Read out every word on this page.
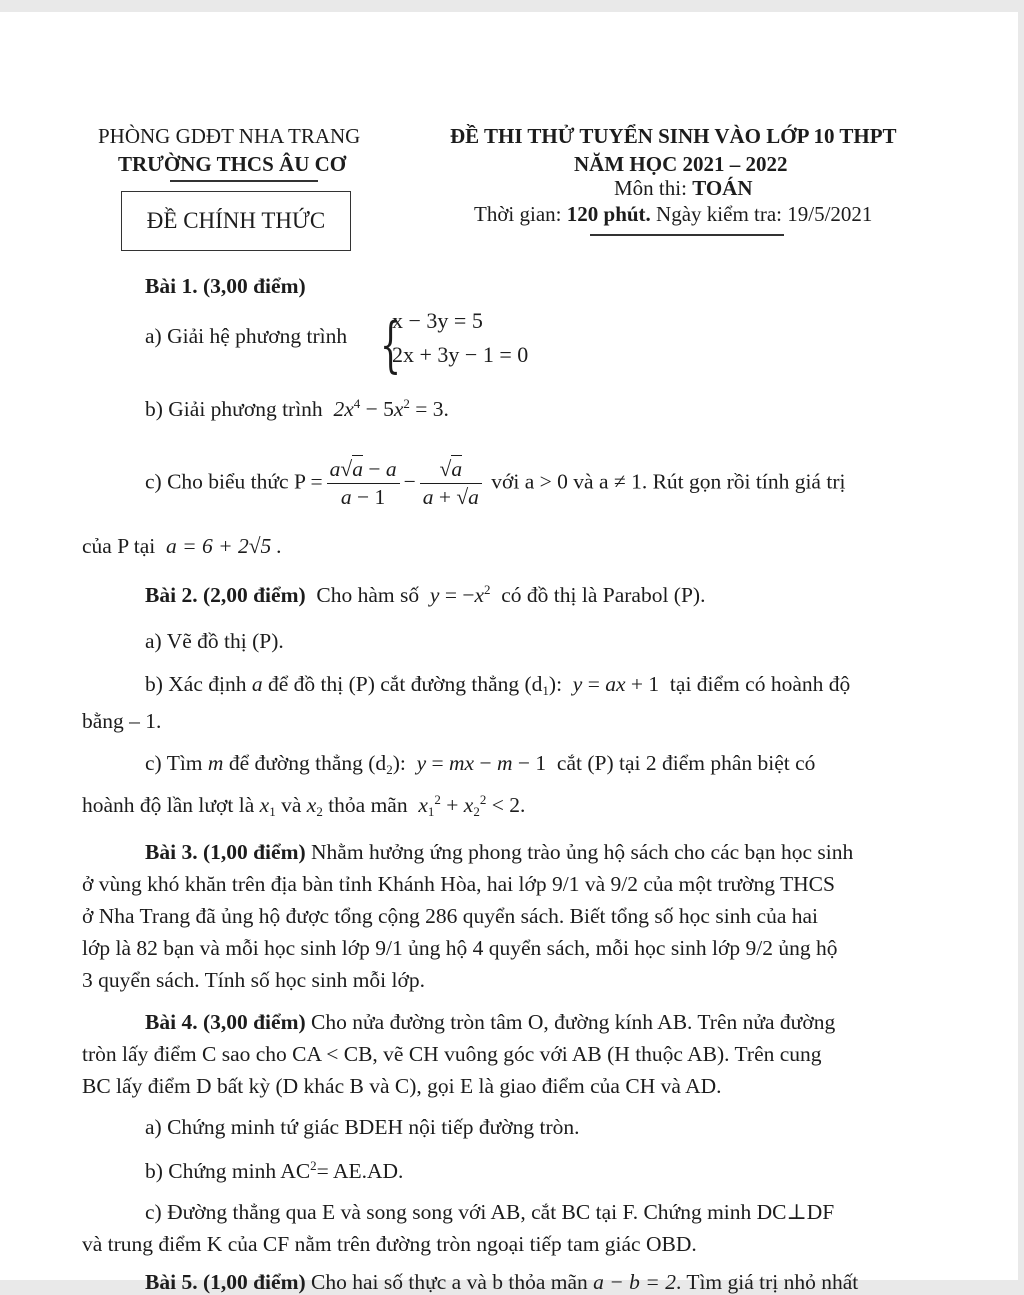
PHÒNG GDĐT NHA TRANG
TRƯỜNG THCS ÂU CƠ
ĐỀ CHÍNH THỨC
ĐỀ THI THỬ TUYỂN SINH VÀO LỚP 10 THPT
NĂM HỌC 2021 – 2022
Môn thi: TOÁN
Thời gian: 120 phút. Ngày kiểm tra: 19/5/2021
Bài 1. (3,00 điểm)
a) Giải hệ phương trình {
x − 3y = 5
2x + 3y − 1 = 0
b) Giải phương trình $2x^4 - 5x^2 = 3$.
c) Cho biểu thức $P = \frac{a√a - a}{a - 1} - \frac{√a}{a + √a}$ với a > 0 và a ≠ 1. Rút gọn rồi tính giá trị
của P tại a = 6 + 2√5 .
Bài 2. (2,00 điểm) Cho hàm số $y = -x^2$ có đồ thị là Parabol (P).
a) Vẽ đồ thị (P).
b) Xác định a để đồ thị (P) cắt đường thẳng $(d_1)$: y = ax + 1  tại điểm có hoành độ
bằng – 1.
c) Tìm m để đường thẳng $(d_2)$: y = mx − m − 1  cắt (P) tại 2 điểm phân biệt có
hoành độ lần lượt là $x_1$ và $x_2$ thỏa mãn $x_1^2 + x_2^2 < 2$.
Bài 3. (1,00 điểm) Nhằm hưởng ứng phong trào ủng hộ sách cho các bạn học sinh
ở vùng khó khăn trên địa bàn tỉnh Khánh Hòa, hai lớp 9/1 và 9/2 của một trường THCS
ở Nha Trang đã ủng hộ được tổng cộng 286 quyển sách. Biết tổng số học sinh của hai
lớp là 82 bạn và mỗi học sinh lớp 9/1 ủng hộ 4 quyển sách, mỗi học sinh lớp 9/2 ủng hộ
3 quyển sách. Tính số học sinh mỗi lớp.
Bài 4. (3,00 điểm) Cho nửa đường tròn tâm O, đường kính AB. Trên nửa đường
tròn lấy điểm C sao cho CA < CB, vẽ CH vuông góc với AB (H thuộc AB). Trên cung
BC lấy điểm D bất kỳ (D khác B và C), gọi E là giao điểm của CH và AD.
a) Chứng minh tứ giác BDEH nội tiếp đường tròn.
b) Chứng minh $AC^2= AE.AD$.
c) Đường thẳng qua E và song song với AB, cắt BC tại F. Chứng minh DC⊥DF
và trung điểm K của CF nằm trên đường tròn ngoại tiếp tam giác OBD.
Bài 5. (1,00 điểm) Cho hai số thực a và b thỏa mãn a − b = 2. Tìm giá trị nhỏ nhất
